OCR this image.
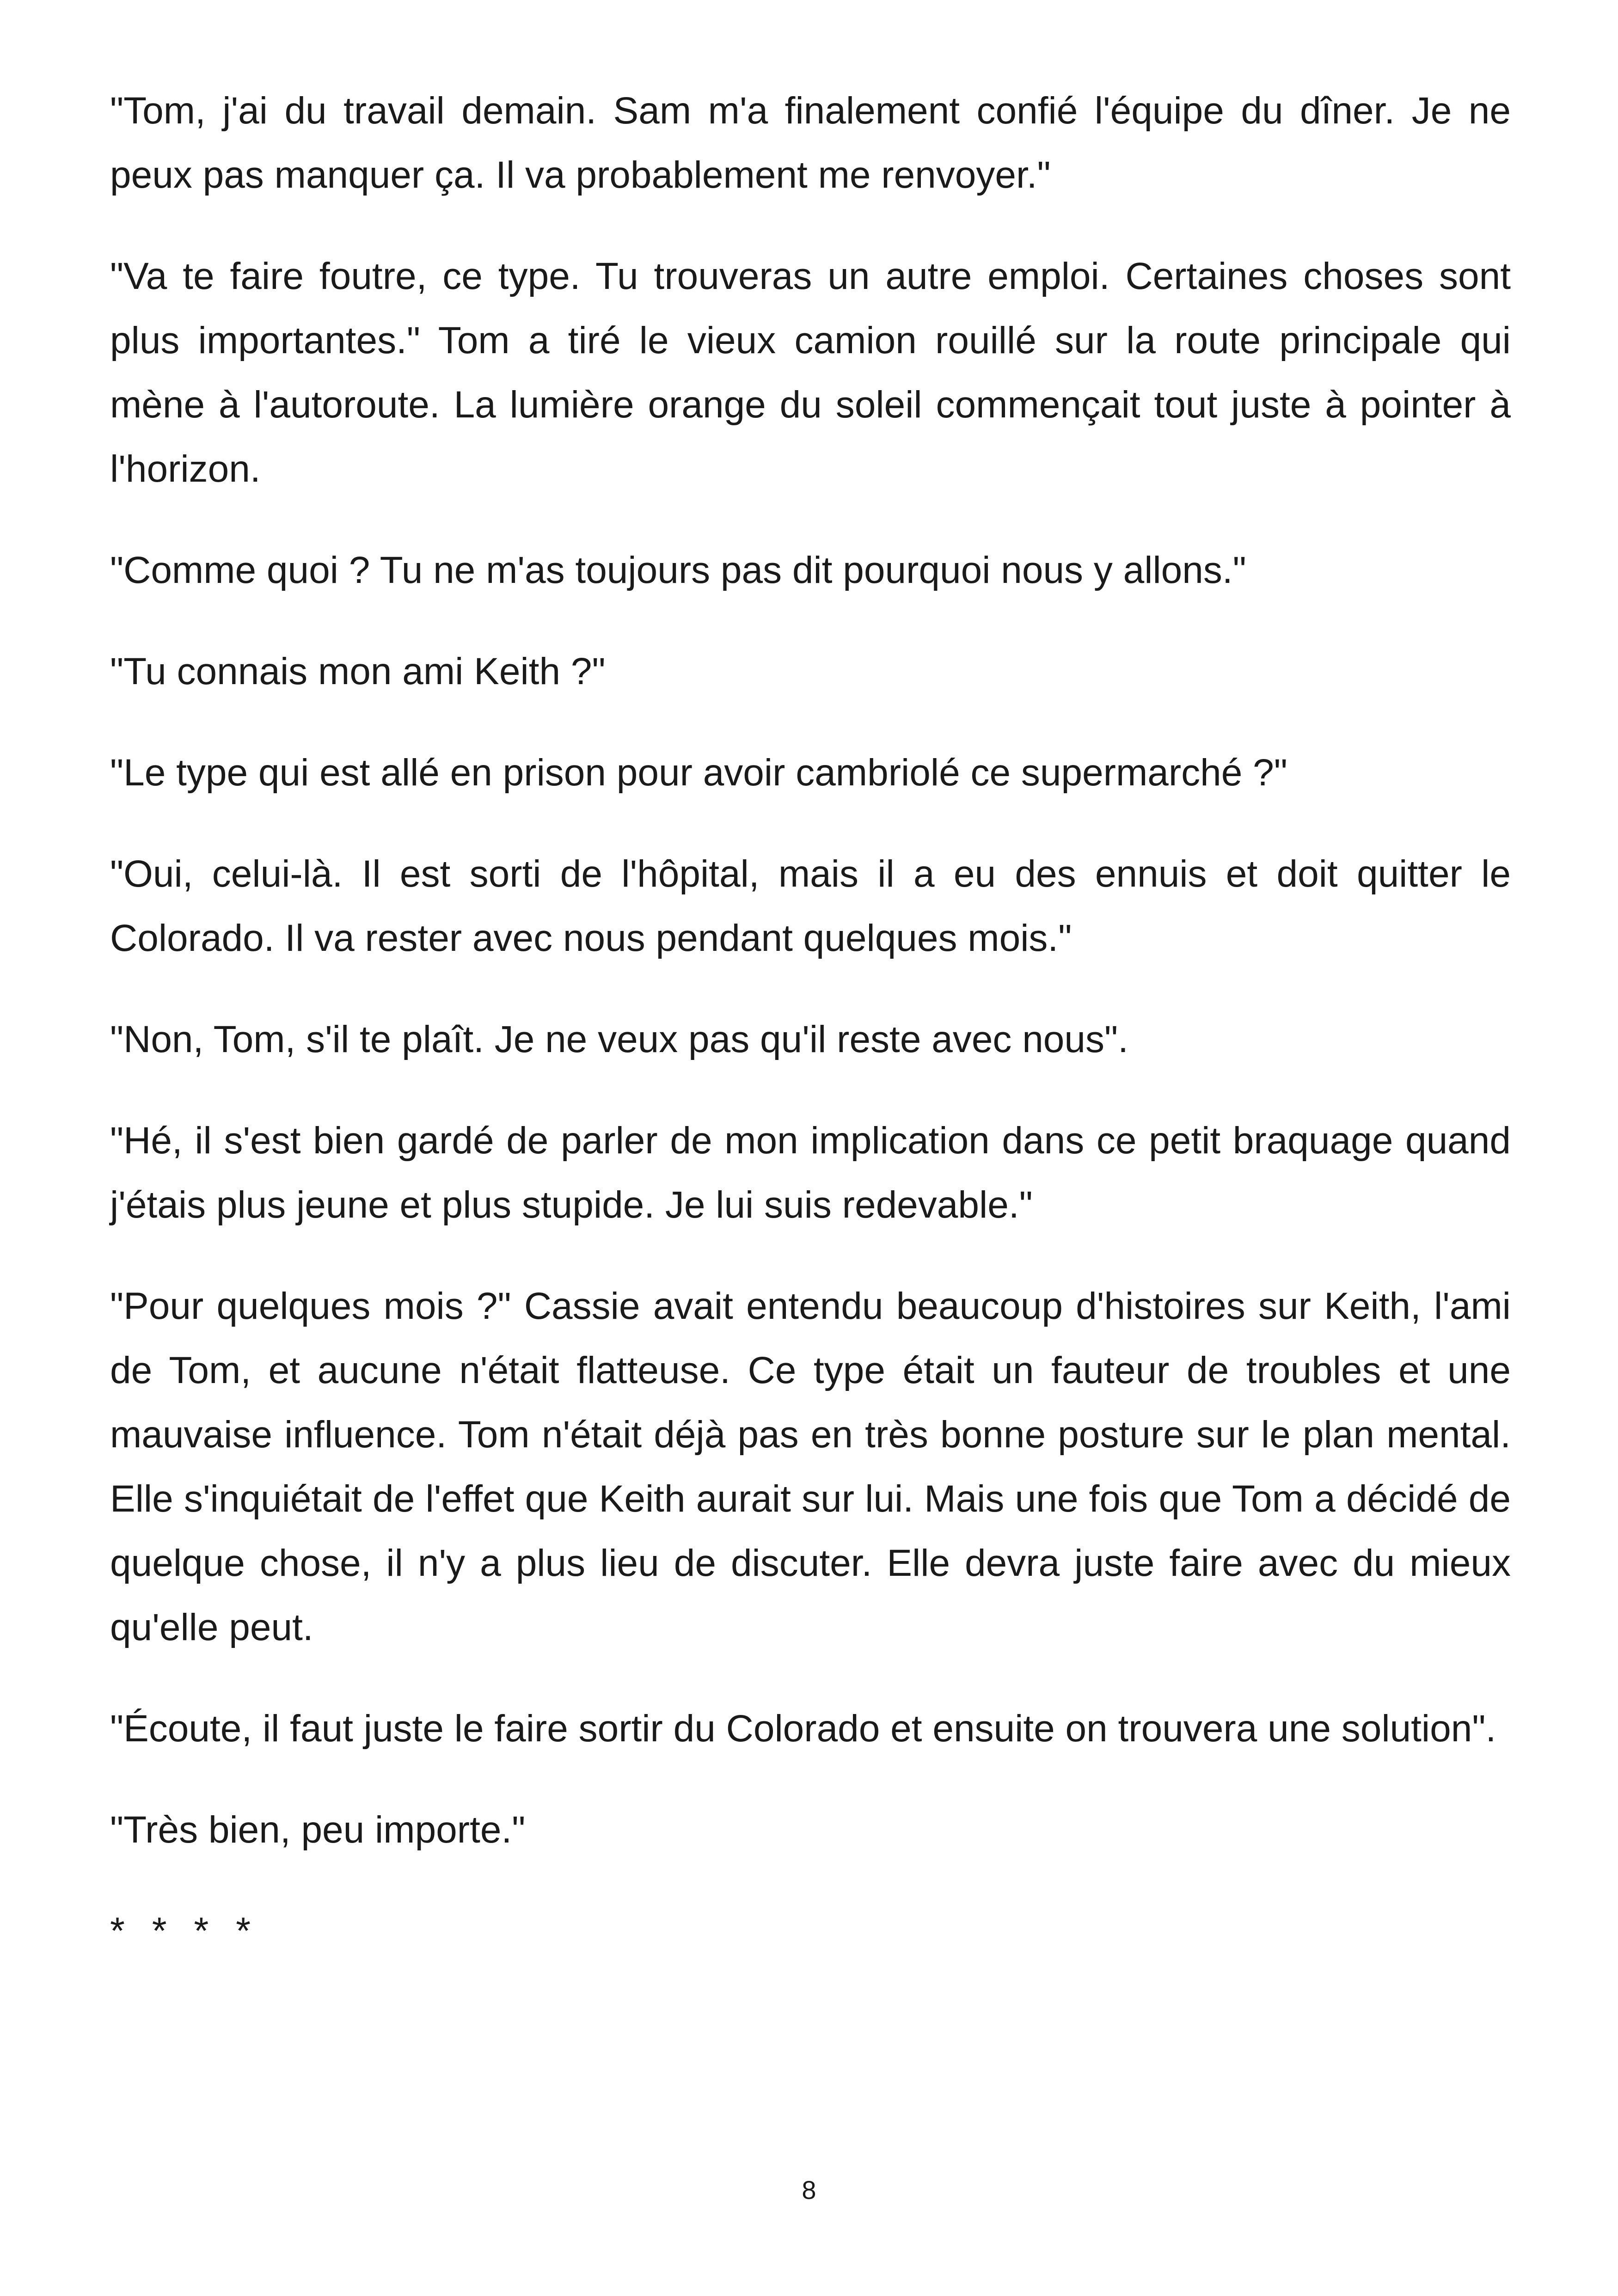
"Tom, j'ai du travail demain. Sam m'a finalement confié l'équipe du dîner. Je ne peux pas manquer ça. Il va probablement me renvoyer."

"Va te faire foutre, ce type. Tu trouveras un autre emploi. Certaines choses sont plus importantes." Tom a tiré le vieux camion rouillé sur la route principale qui mène à l'autoroute. La lumière orange du soleil commençait tout juste à pointer à l'horizon.

"Comme quoi ? Tu ne m'as toujours pas dit pourquoi nous y allons."

"Tu connais mon ami Keith ?"

"Le type qui est allé en prison pour avoir cambriolé ce supermarché ?"

"Oui, celui-là. Il est sorti de l'hôpital, mais il a eu des ennuis et doit quitter le Colorado. Il va rester avec nous pendant quelques mois."

"Non, Tom, s'il te plaît. Je ne veux pas qu'il reste avec nous".

"Hé, il s'est bien gardé de parler de mon implication dans ce petit braquage quand j'étais plus jeune et plus stupide. Je lui suis redevable."

"Pour quelques mois ?" Cassie avait entendu beaucoup d'histoires sur Keith, l'ami de Tom, et aucune n'était flatteuse. Ce type était un fauteur de troubles et une mauvaise influence. Tom n'était déjà pas en très bonne posture sur le plan mental. Elle s'inquiétait de l'effet que Keith aurait sur lui. Mais une fois que Tom a décidé de quelque chose, il n'y a plus lieu de discuter. Elle devra juste faire avec du mieux qu'elle peut.

"Écoute, il faut juste le faire sortir du Colorado et ensuite on trouvera une solution".

"Très bien, peu importe."

* * * *

8
